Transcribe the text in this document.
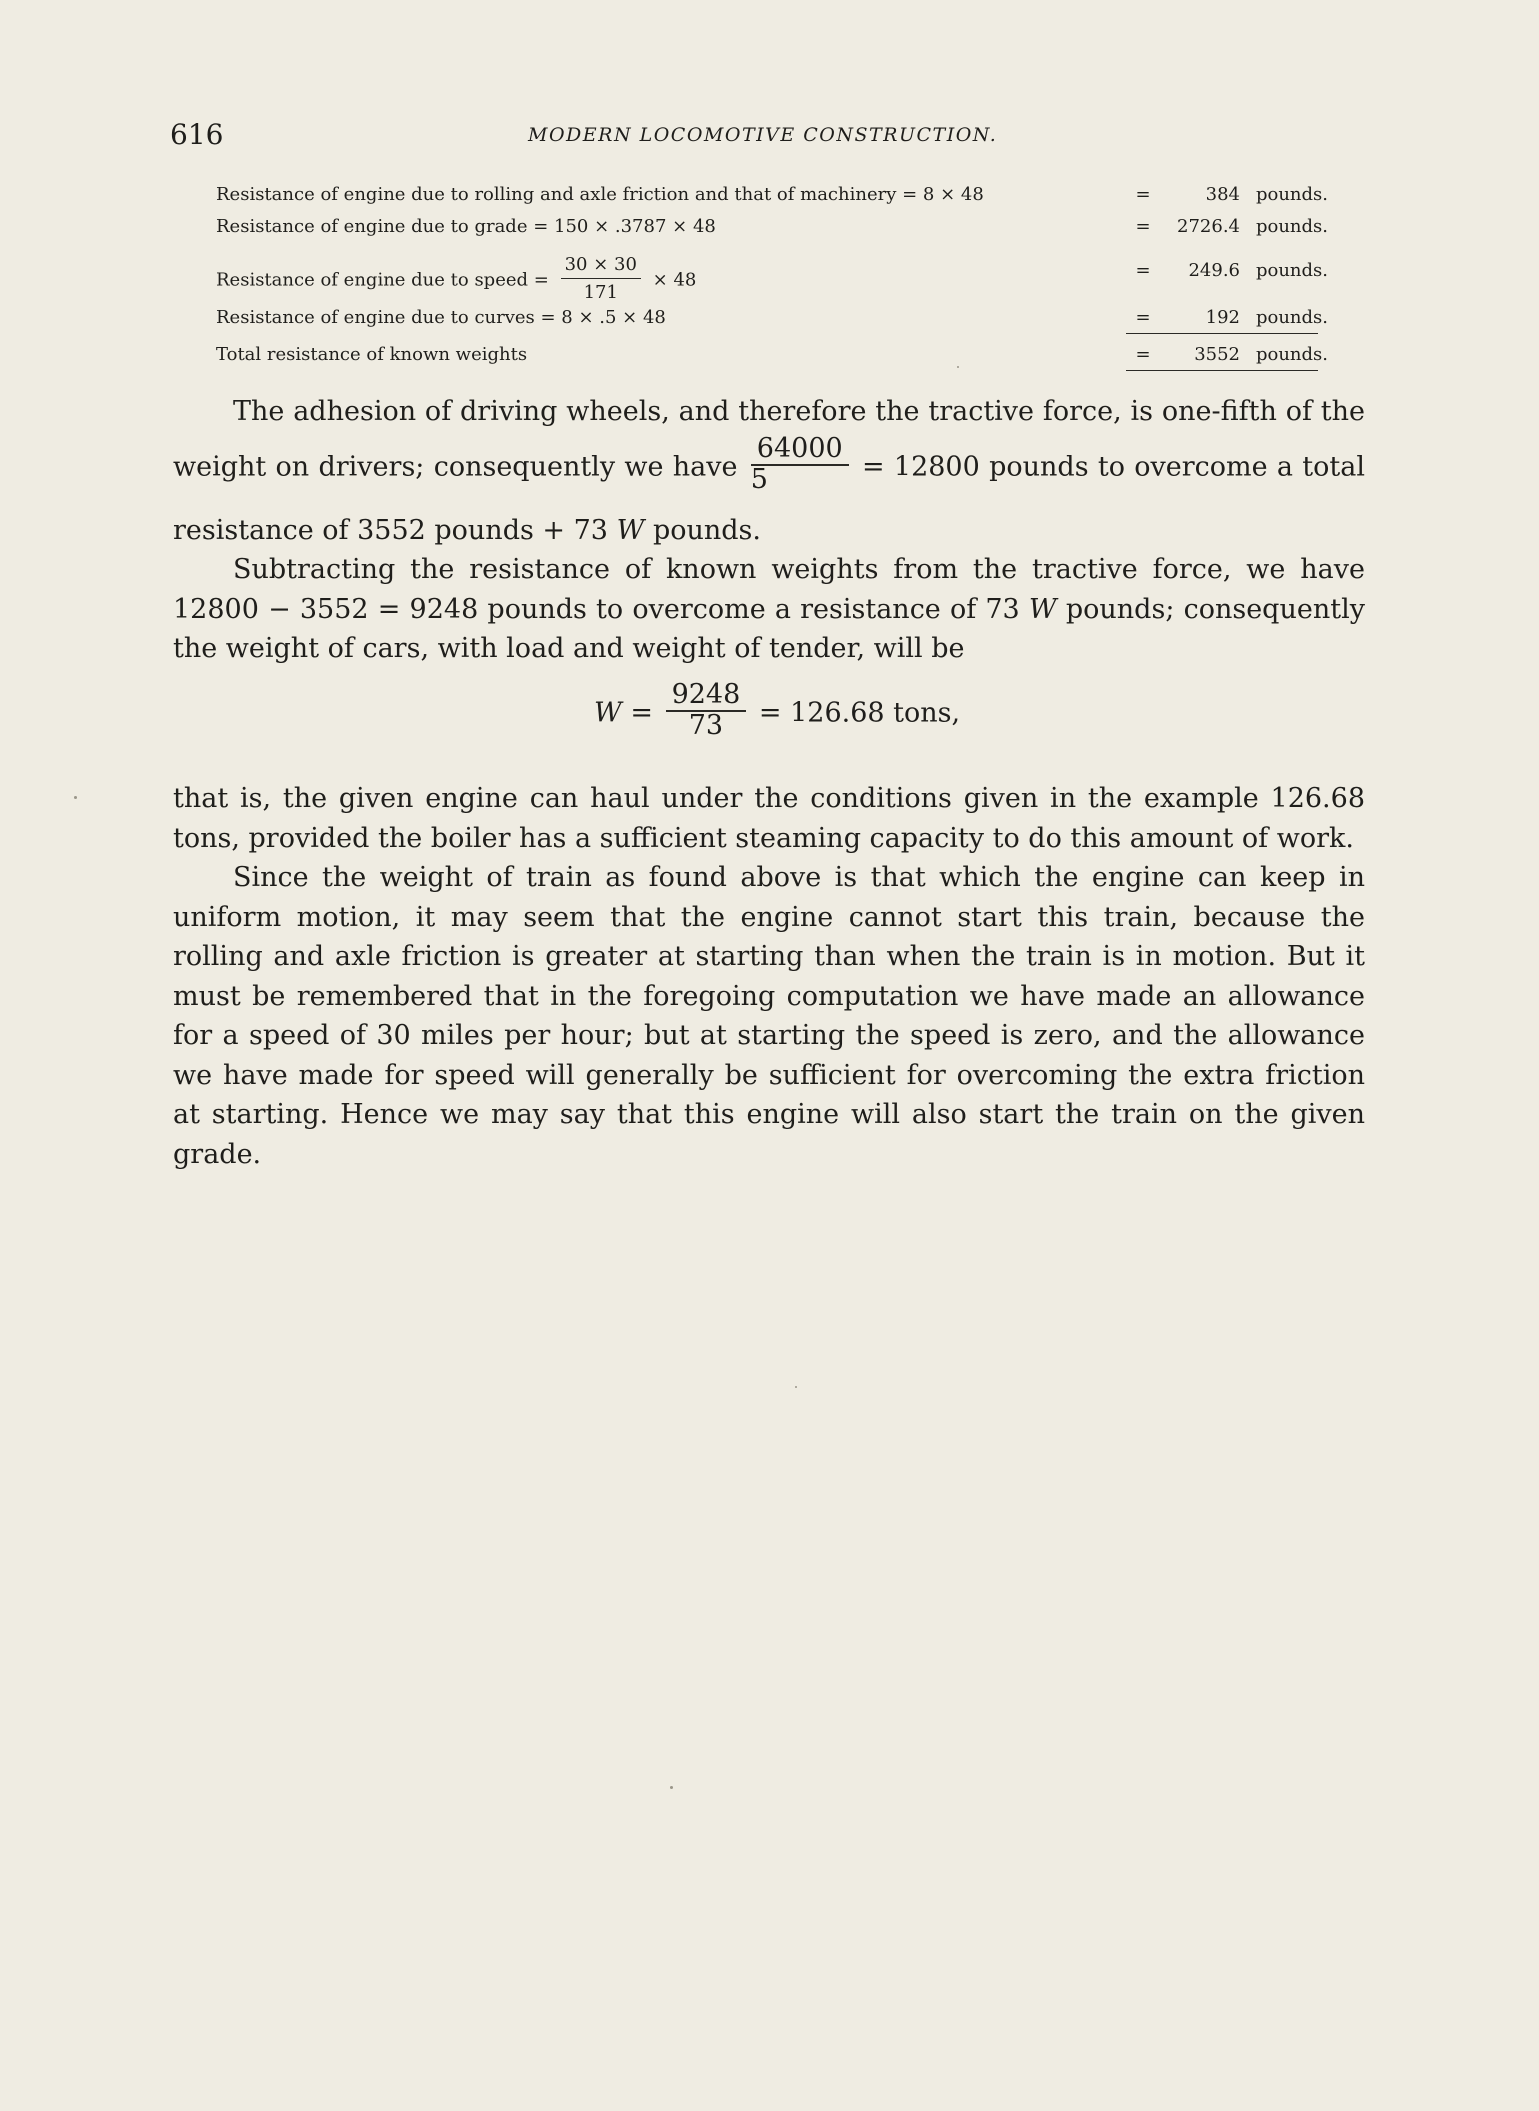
616	MODERN LOCOMOTIVE CONSTRUCTION.
Resistance of engine due to rolling and axle friction and that of machinery = 8 × 48	=	384 pounds.
Resistance of engine due to grade = 150 × .3787 × 48	=	2726.4 pounds.
Resistance of engine due to speed = $\frac{30 \times 30}{171} \times 48$	=	249.6 pounds.
Resistance of engine due to curves = 8 × .5 × 48	=	192 pounds.
Total resistance of known weights	=	3552 pounds.
The adhesion of driving wheels, and therefore the tractive force, is one-fifth of the
weight on drivers; consequently we have $\frac{64000}{5} = 12800$ pounds to overcome a total
resistance of 3552 pounds + 73 W pounds.
Subtracting the resistance of known weights from the tractive force, we have
12800 − 3552 = 9248 pounds to overcome a resistance of 73 W pounds; consequently
the weight of cars, with load and weight of tender, will be
$W = \frac{9248}{73} = 126.68$ tons,
that is, the given engine can haul under the conditions given in the example 126.68 tons, provided the boiler has a sufficient steaming capacity to do this amount of work.
Since the weight of train as found above is that which the engine can keep in uniform motion, it may seem that the engine cannot start this train, because the rolling and axle friction is greater at starting than when the train is in motion. But it must be remembered that in the foregoing computation we have made an allowance for a speed of 30 miles per hour; but at starting the speed is zero, and the allowance we have made for speed will generally be sufficient for overcoming the extra friction at starting. Hence we may say that this engine will also start the train on the given grade.
